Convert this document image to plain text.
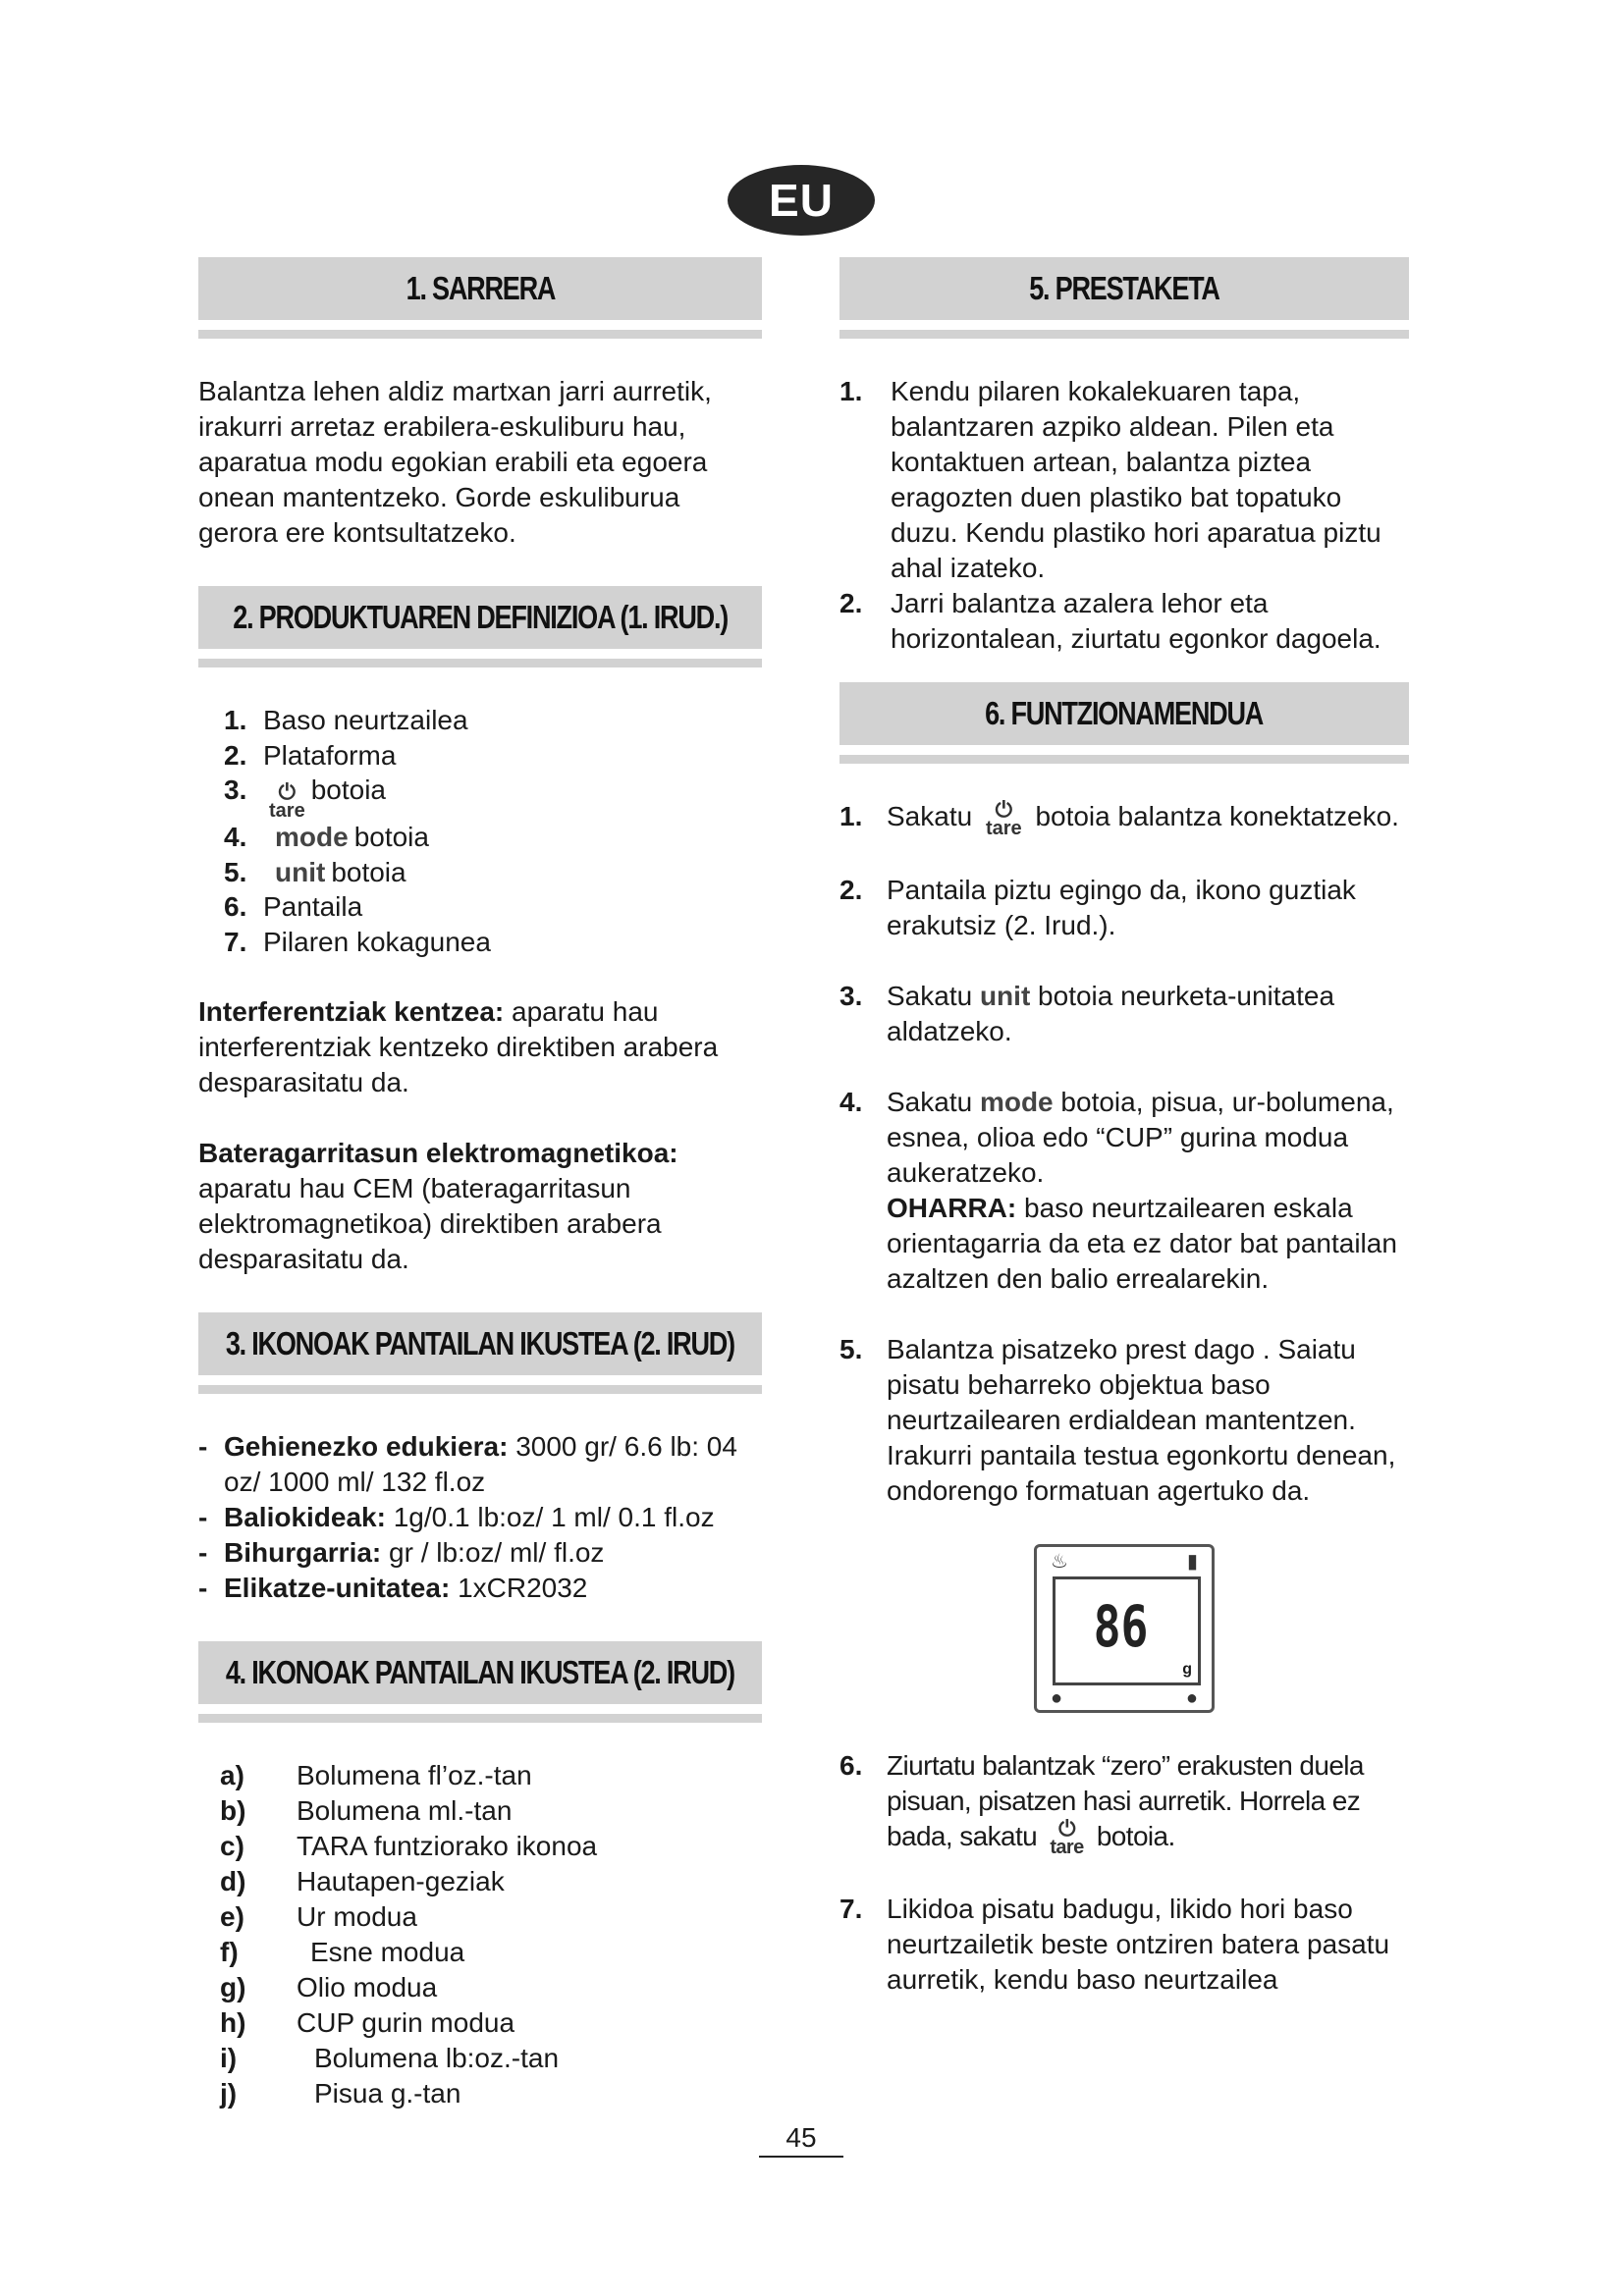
EU
1. SARRERA
Balantza lehen aldiz martxan jarri aurretik, irakurri arretaz erabilera-eskuliburu hau, aparatua modu egokian erabili eta egoera onean mantentzeko. Gorde eskuliburua gerora ere kontsultatzeko.
2. PRODUKTUAREN DEFINIZIOA (1. IRUD.)
1. Baso neurtzailea
2. Plataforma
3.	⏻
tare
botoia
4.	mode botoia
5.	unit botoia
6. Pantaila
7. Pilaren kokagunea
Interferentziak kentzea: aparatu hau interferentziak kentzeko direktiben arabera desparasitatu da.
Bateragarritasun elektromagnetikoa:
aparatu hau CEM (bateragarritasun elektromagnetikoa) direktiben arabera desparasitatu da.
3. IKONOAK PANTAILAN IKUSTEA (2. IRUD)
- Gehienezko edukiera: 3000 gr/ 6.6 lb: 04 oz/ 1000 ml/ 132 fl.oz
- Baliokideak: 1g/0.1 lb:oz/ 1 ml/ 0.1 fl.oz
- Bihurgarria: gr / lb:oz/ ml/ fl.oz
- Elikatze-unitatea: 1xCR2032
4. IKONOAK PANTAILAN IKUSTEA (2. IRUD)
a)	Bolumena fl’oz.-tan
b)	Bolumena ml.-tan
c)	TARA funtziorako ikonoa
d)	Hautapen-geziak
e)	Ur modua
f)	Esne modua
g)	Olio modua
h)	CUP gurin modua
i)	Bolumena lb:oz.-tan
j)	Pisua g.-tan
5. PRESTAKETA
1.	Kendu pilaren kokalekuaren tapa, balantzaren azpiko aldean. Pilen eta kontaktuen artean, balantza piztea eragozten duen plastiko bat topatuko duzu. Kendu plastiko hori aparatua piztu ahal izateko.
2.	Jarri balantza azalera lehor eta horizontalean, ziurtatu egonkor dagoela.
6. FUNTZIONAMENDUA
1. Sakatu ⏻
tare botoia balantza konektatzeko.
2. Pantaila piztu egingo da, ikono guztiak erakutsiz (2. Irud.).
3. Sakatu unit botoia neurketa-unitatea aldatzeko.
4. Sakatu mode botoia, pisua, ur-bolumena, esnea, olioa edo “CUP” gurina modua aukeratzeko.
OHARRA: baso neurtzailearen eskala orientagarria da eta ez dator bat pantailan azaltzen den balio errealarekin.
5. Balantza pisatzeko prest dago . Saiatu pisatu beharreko objektua baso neurtzailearen erdialdean mantentzen. Irakurri pantaila testua egonkortu denean, ondorengo formatuan agertuko da.
♨	▮
86
g
●	●
6. Ziurtatu balantzak “zero” erakusten duela pisuan, pisatzen hasi aurretik. Horrela ez bada, sakatu ⏻
tare botoia.
7. Likidoa pisatu badugu, likido hori baso neurtzailetik beste ontziren batera pasatu aurretik, kendu baso neurtzailea
45
